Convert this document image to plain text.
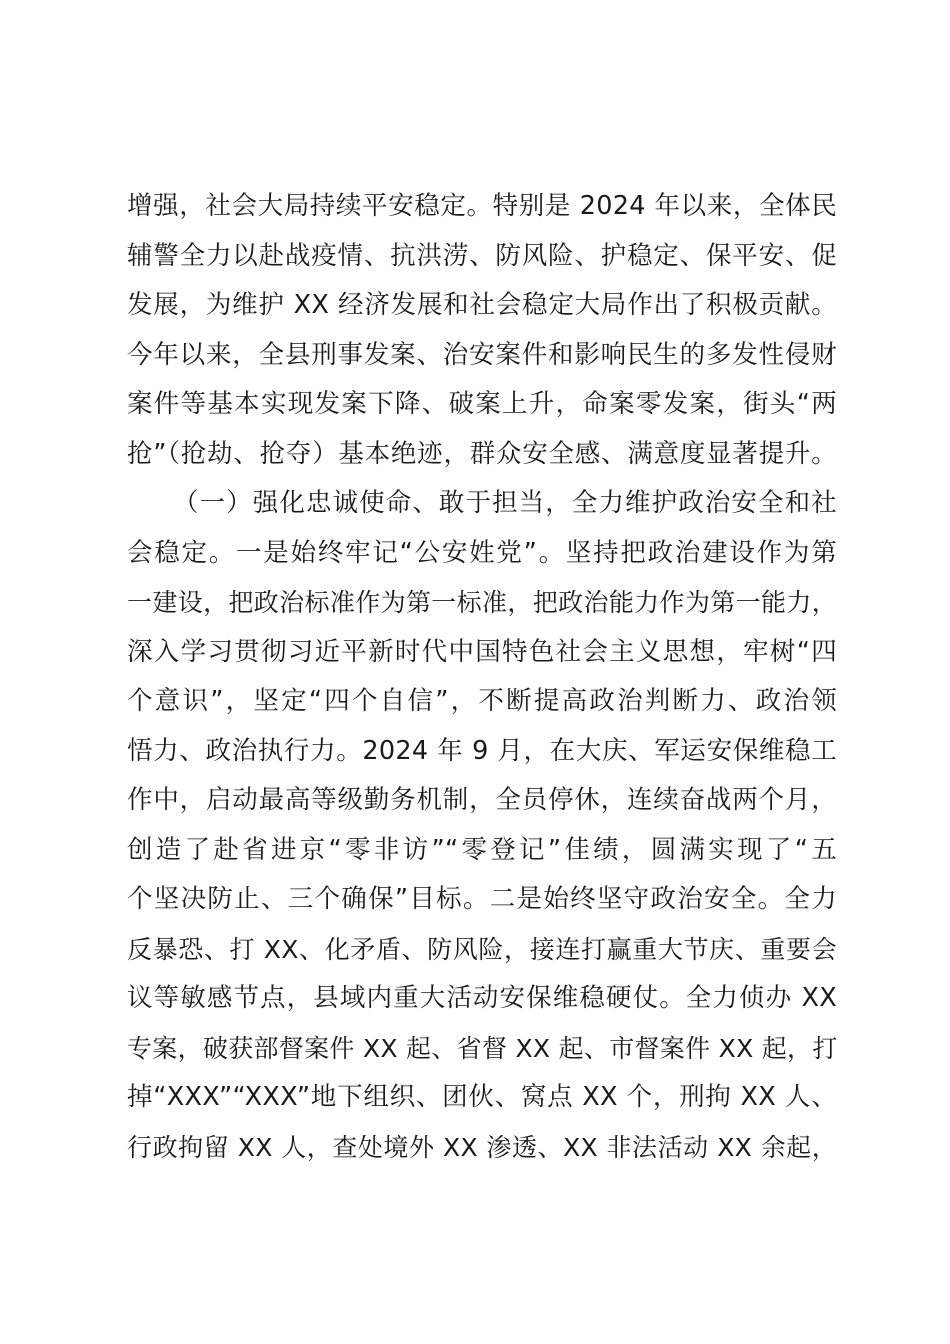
增强，社会大局持续平安稳定。特别是 2024 年以来，全体民
辅警全力以赴战疫情、抗洪涝、防风险、护稳定、保平安、促
发展，为维护 XX 经济发展和社会稳定大局作出了积极贡献。
今年以来，全县刑事发案、治安案件和影响民生的多发性侵财
案件等基本实现发案下降、破案上升，命案零发案，街头“两
抢”（抢劫、抢夺）基本绝迹，群众安全感、满意度显著提升。
（一）强化忠诚使命、敢于担当，全力维护政治安全和社
会稳定。一是始终牢记“公安姓党”。坚持把政治建设作为第
一建设，把政治标准作为第一标准，把政治能力作为第一能力，
深入学习贯彻习近平新时代中国特色社会主义思想，牢树“四
个意识”，坚定“四个自信”，不断提高政治判断力、政治领
悟力、政治执行力。2024 年 9 月，在大庆、军运安保维稳工
作中，启动最高等级勤务机制，全员停休，连续奋战两个月，
创造了赴省进京“零非访”“零登记”佳绩，圆满实现了“五
个坚决防止、三个确保”目标。二是始终坚守政治安全。全力
反暴恐、打 XX、化矛盾、防风险，接连打赢重大节庆、重要会
议等敏感节点，县域内重大活动安保维稳硬仗。全力侦办 XX
专案，破获部督案件 XX 起、省督 XX 起、市督案件 XX 起，打
掉“XXX”“XXX”地下组织、团伙、窝点 XX 个，刑拘 XX 人、
行政拘留 XX 人，查处境外 XX 渗透、XX 非法活动 XX 余起，
